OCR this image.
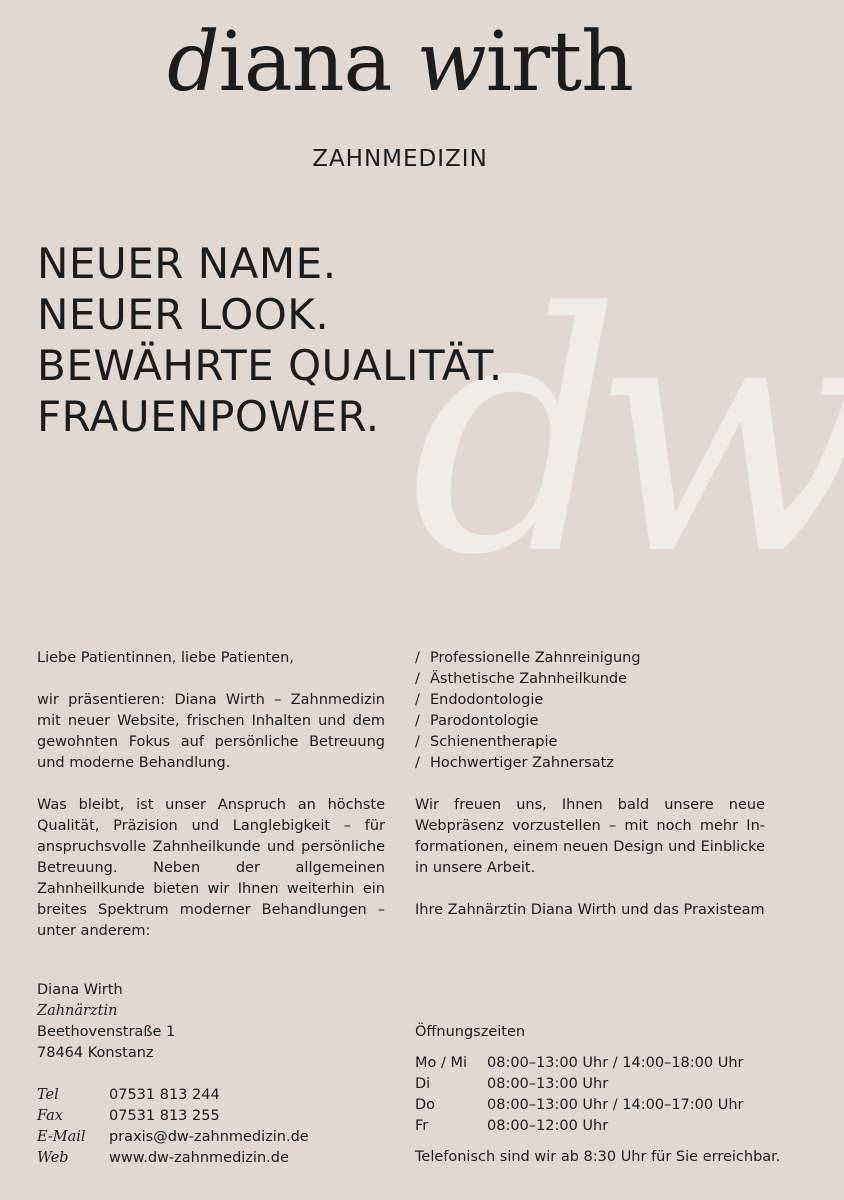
dw
diana wirth
ZAHNMEDIZIN
NEUER NAME.
NEUER LOOK.
BEWÄHRTE QUALITÄT.
FRAUENPOWER.

Liebe Patientinnen, liebe Patienten,

wir präsentieren: Diana Wirth – Zahnmedizin mit neuer Website, frischen Inhalten und dem gewohnten Fokus auf persönliche Betreuung und moderne Behandlung.

Was bleibt, ist unser Anspruch an höchste Qualität, Präzision und Langlebigkeit – für anspruchsvolle Zahnheilkunde und persönliche Betreuung. Neben der allgemeinen Zahnheilkunde bieten wir Ihnen weiterhin ein breites Spektrum moderner Behandlungen – unter anderem:

/ Professionelle Zahnreinigung
/ Ästhetische Zahnheilkunde
/ Endodontologie
/ Parodontologie
/ Schienentherapie
/ Hochwertiger Zahnersatz

Wir freuen uns, Ihnen bald unsere neue Webpräsenz vorzustellen – mit noch mehr Informationen, einem neuen Design und Einblicke in unsere Arbeit.

Ihre Zahnärztin Diana Wirth und das Praxisteam

Diana Wirth
Zahnärztin
Beethovenstraße 1
78464 Konstanz
Tel	07531 813 244
Fax	07531 813 255
E-Mail	praxis@dw-zahnmedizin.de
Web	www.dw-zahnmedizin.de
Öffnungszeiten
Mo / Mi	08:00–13:00 Uhr / 14:00–18:00 Uhr
Di	08:00–13:00 Uhr
Do	08:00–13:00 Uhr / 14:00–17:00 Uhr
Fr	08:00–12:00 Uhr
Telefonisch sind wir ab 8:30 Uhr für Sie erreichbar.
